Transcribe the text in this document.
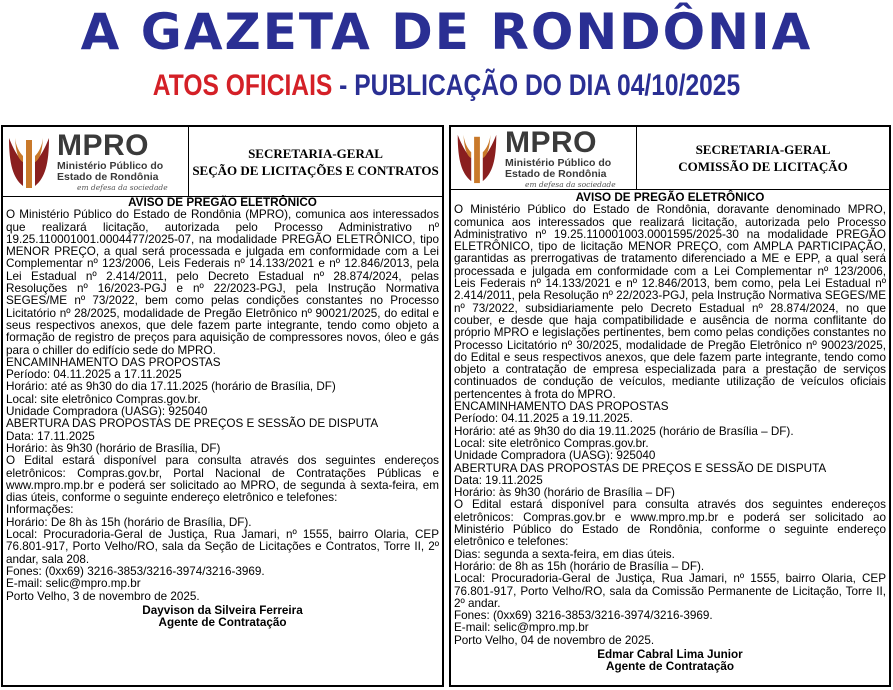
A GAZETA DE RONDÔNIA
ATOS OFICIAIS - PUBLICAÇÃO DO DIA 04/10/2025
MPRO
Ministério Público do
Estado de Rondônia
em defesa da sociedade
SECRETARIA-GERAL
SEÇÃO DE LICITAÇÕES E CONTRATOS
AVISO DE PREGÃO ELETRÔNICO

O Ministério Público do Estado de Rondônia (MPRO), comunica aos interessados que realizará licitação, autorizada pelo Processo Administrativo nº 19.25.110001001.0004477/2025-07, na modalidade PREGÃO ELETRÔNICO, tipo MENOR PREÇO, a qual será processada e julgada em conformidade com a Lei Complementar nº 123/2006, Leis Federais nº 14.133/2021 e nº 12.846/2013, pela Lei Estadual nº 2.414/2011, pelo Decreto Estadual nº 28.874/2024, pelas Resoluções nº 16/2023-PGJ e nº 22/2023-PGJ, pela Instrução Normativa SEGES/ME nº 73/2022, bem como pelas condições constantes no Processo Licitatório nº 28/2025, modalidade de Pregão Eletrônico nº 90021/2025, do edital e seus respectivos anexos, que dele fazem parte integrante, tendo como objeto a formação de registro de preços para aquisição de compressores novos, óleo e gás para o chiller do edifício sede do MPRO.

ENCAMINHAMENTO DAS PROPOSTAS

Período: 04.11.2025 a 17.11.2025

Horário: até as 9h30 do dia 17.11.2025 (horário de Brasília, DF)

Local: site eletrônico Compras.gov.br.

Unidade Compradora (UASG): 925040

ABERTURA DAS PROPOSTAS DE PREÇOS E SESSÃO DE DISPUTA

Data: 17.11.2025

Horário: às 9h30 (horário de Brasília, DF)

O Edital estará disponível para consulta através dos seguintes endereços eletrônicos: Compras.gov.br, Portal Nacional de Contratações Públicas e www.mpro.mp.br e poderá ser solicitado ao MPRO, de segunda à sexta-feira, em dias úteis, conforme o seguinte endereço eletrônico e telefones:

Informações:

Horário: De 8h às 15h (horário de Brasília, DF).

Local: Procuradoria-Geral de Justiça, Rua Jamari, nº 1555, bairro Olaria, CEP 76.801-917, Porto Velho/RO, sala da Seção de Licitações e Contratos, Torre II, 2º andar, sala 208.

Fones: (0xx69) 3216-3853/3216-3974/3216-3969.

E-mail: selic@mpro.mp.br

Porto Velho, 3 de novembro de 2025.

Dayvison da Silveira Ferreira
Agente de Contratação
MPRO
Ministério Público do
Estado de Rondônia
em defesa da sociedade
SECRETARIA-GERAL
COMISSÃO DE LICITAÇÃO
AVISO DE PREGÃO ELETRÔNICO

O Ministério Público do Estado de Rondônia, doravante denominado MPRO, comunica aos interessados que realizará licitação, autorizada pelo Processo Administrativo nº 19.25.110001003.0001595/2025-30 na modalidade PREGÃO ELETRÔNICO, tipo de licitação MENOR PREÇO, com AMPLA PARTICIPAÇÃO, garantidas as prerrogativas de tratamento diferenciado a ME e EPP, a qual será processada e julgada em conformidade com a Lei Complementar nº 123/2006, Leis Federais nº 14.133/2021 e nº 12.846/2013, bem como, pela Lei Estadual nº 2.414/2011, pela Resolução nº 22/2023-PGJ, pela Instrução Normativa SEGES/ME nº 73/2022, subsidiariamente pelo Decreto Estadual nº 28.874/2024, no que couber, e desde que haja compatibilidade e ausência de norma conflitante do próprio MPRO e legislações pertinentes, bem como pelas condições constantes no Processo Licitatório nº 30/2025, modalidade de Pregão Eletrônico nº 90023/2025, do Edital e seus respectivos anexos, que dele fazem parte integrante, tendo como objeto a contratação de empresa especializada para a prestação de serviços continuados de condução de veículos, mediante utilização de veículos oficiais pertencentes à frota do MPRO.

ENCAMINHAMENTO DAS PROPOSTAS

Período: 04.11.2025 a 19.11.2025.

Horário: até as 9h30 do dia 19.11.2025 (horário de Brasília – DF).

Local: site eletrônico Compras.gov.br.

Unidade Compradora (UASG): 925040

ABERTURA DAS PROPOSTAS DE PREÇOS E SESSÃO DE DISPUTA

Data: 19.11.2025

Horário: às 9h30 (horário de Brasília – DF)

O Edital estará disponível para consulta através dos seguintes endereços eletrônicos: Compras.gov.br e www.mpro.mp.br e poderá ser solicitado ao Ministério Público do Estado de Rondônia, conforme o seguinte endereço eletrônico e telefones:

Dias: segunda a sexta-feira, em dias úteis.

Horário: de 8h as 15h (horário de Brasília – DF).

Local: Procuradoria-Geral de Justiça, Rua Jamari, nº 1555, bairro Olaria, CEP 76.801-917, Porto Velho/RO, sala da Comissão Permanente de Licitação, Torre II, 2º andar.

Fones: (0xx69) 3216-3853/3216-3974/3216-3969.

E-mail: selic@mpro.mp.br

Porto Velho, 04 de novembro de 2025.

Edmar Cabral Lima Junior
Agente de Contratação
